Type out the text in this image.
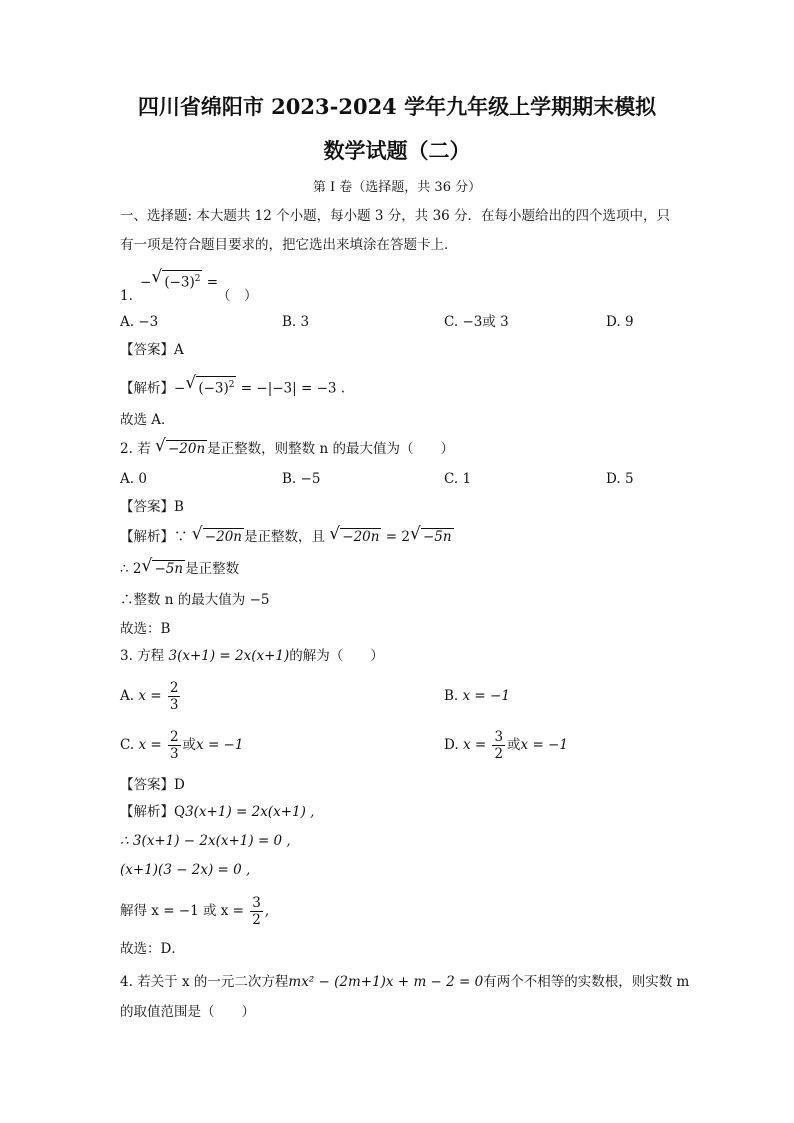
四川省绵阳市 2023-2024 学年九年级上学期期末模拟
数学试题（二）
第 I 卷（选择题，共 36 分）
一、选择题: 本大题共 12 个小题，每小题 3 分，共 36 分．在每小题给出的四个选项中，只
有一项是符合题目要求的，把它选出来填涂在答题卡上．
− √ $(-3)^2$ =
1.	（　）
A. −3	B. 3	C. −3或 3	D. 9
【答案】A
【解析】− √ $(-3)^2 = -|-3| = -3$ .
故选 A．
2. 若 √ −20n 是正整数，则整数 n 的最大值为（　　）
A. 0	B. −5	C. 1	D. 5
【答案】B
【解析】∵ √ −20n 是正整数，且 √ −20n = 2 √ −5n
∴ 2 √ −5n 是正整数
∴整数 n 的最大值为 −5
故选：B
3. 方程 3(x+1) = 2x(x+1)的解为（　　）
A. $x = \frac{2}{3}$	B. x = −1
C. $x = \frac{2}{3}$ 或x = −1	D. $x = \frac{3}{2}$ 或x = −1
【答案】D
【解析】Q3(x+1) = 2x(x+1) ,
∴ 3(x+1) − 2x(x+1) = 0 ,
(x+1)(3 − 2x) = 0 ,
解得 x = −1 或 $x = \frac{3}{2}$ ,
故选：D．
4. 若关于 x 的一元二次方程mx² − (2m+1)x + m − 2 = 0有两个不相等的实数根，则实数 m
的取值范围是（　　）
